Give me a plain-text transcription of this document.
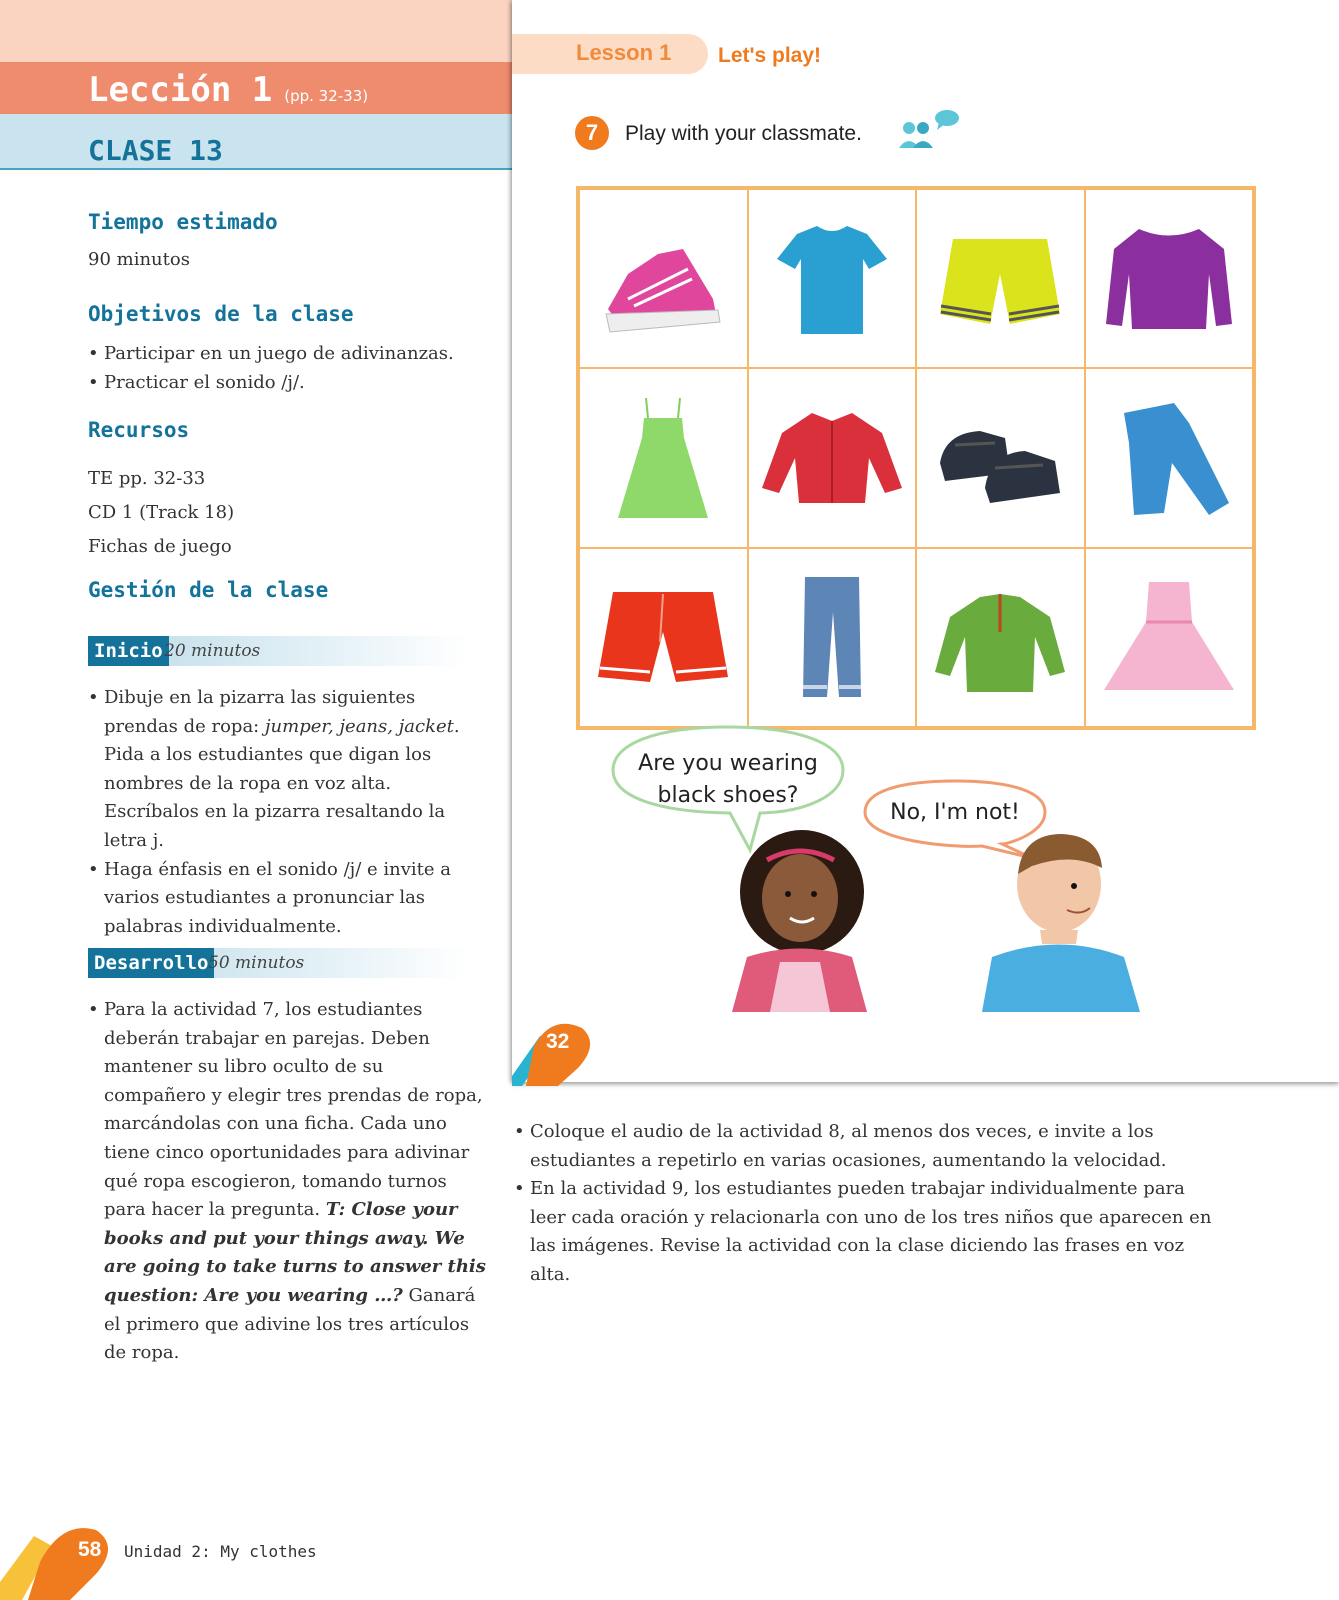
Lección 1 (pp. 32-33)
CLASE 13
Tiempo estimado
90 minutos
Objetivos de la clase
• Participar en un juego de adivinanzas.
• Practicar el sonido /j/.
Recursos
TE pp. 32-33
CD 1 (Track 18)
Fichas de juego
Gestión de la clase
Inicio 20 minutos
• Dibuje en la pizarra las siguientes prendas de ropa: jumper, jeans, jacket. Pida a los estudiantes que digan los nombres de la ropa en voz alta. Escríbalos en la pizarra resaltando la letra j.
• Haga énfasis en el sonido /j/ e invite a varios estudiantes a pronunciar las palabras individualmente.
Desarrollo 50 minutos
• Para la actividad 7, los estudiantes deberán trabajar en parejas. Deben mantener su libro oculto de su compañero y elegir tres prendas de ropa, marcándolas con una ficha. Cada uno tiene cinco oportunidades para adivinar qué ropa escogieron, tomando turnos para hacer la pregunta. T: Close your books and put your things away. We are going to take turns to answer this question: Are you wearing …? Ganará el primero que adivine los tres artículos de ropa.
• Coloque el audio de la actividad 8, al menos dos veces, e invite a los estudiantes a repetirlo en varias ocasiones, aumentando la velocidad.
• En la actividad 9, los estudiantes pueden trabajar individualmente para leer cada oración y relacionarla con uno de los tres niños que aparecen en las imágenes. Revise la actividad con la clase diciendo las frases en voz alta.
Lesson 1 Let's play!
7	Play with your classmate.
Are you wearing
black shoes?
No, I'm not!
32
58 Unidad 2: My clothes
